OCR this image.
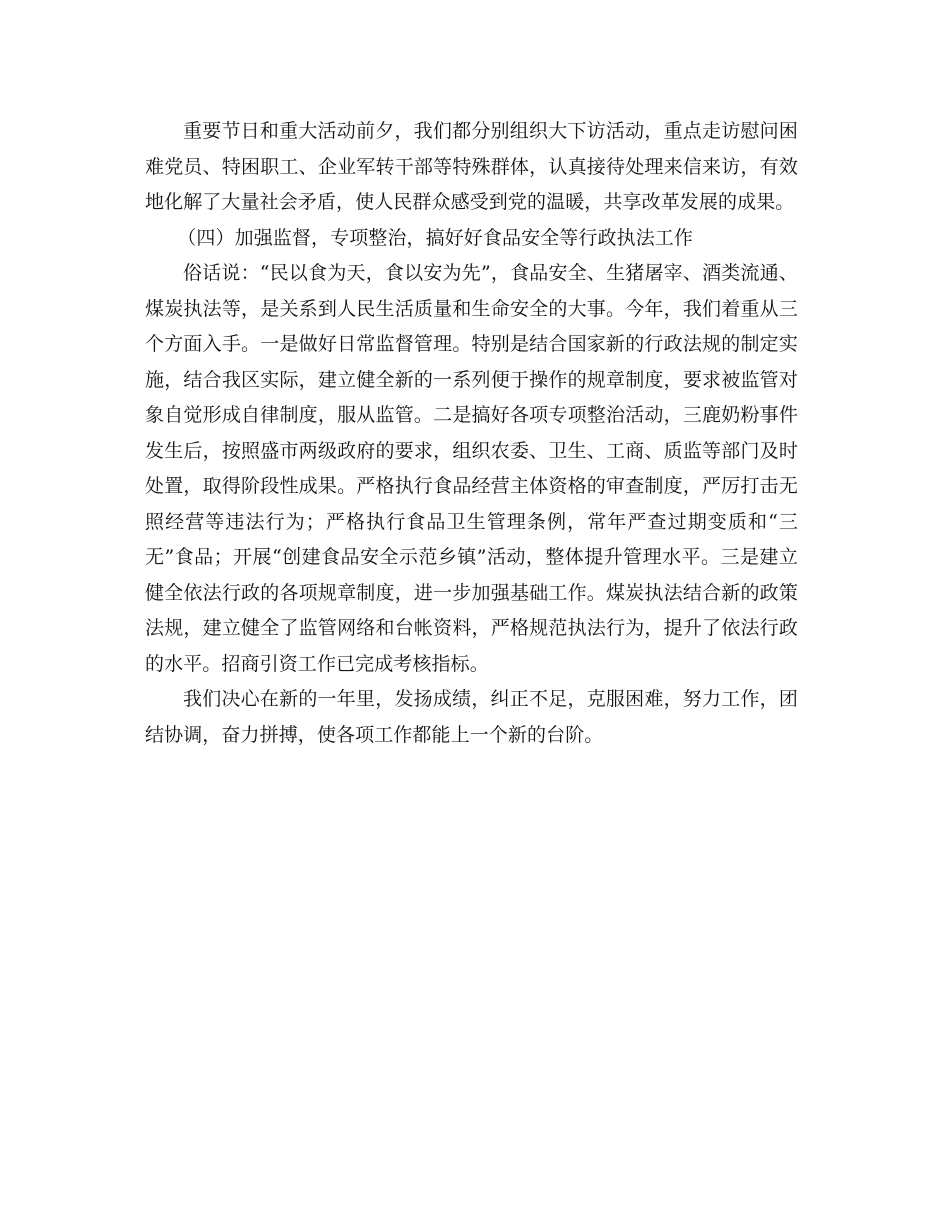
重要节日和重大活动前夕，我们都分别组织大下访活动，重点走访慰问困难党员、特困职工、企业军转干部等特殊群体，认真接待处理来信来访，有效地化解了大量社会矛盾，使人民群众感受到党的温暖，共享改革发展的成果。

（四）加强监督，专项整治，搞好好食品安全等行政执法工作

俗话说：“民以食为天，食以安为先”，食品安全、生猪屠宰、酒类流通、煤炭执法等，是关系到人民生活质量和生命安全的大事。今年，我们着重从三个方面入手。一是做好日常监督管理。特别是结合国家新的行政法规的制定实施，结合我区实际，建立健全新的一系列便于操作的规章制度，要求被监管对象自觉形成自律制度，服从监管。二是搞好各项专项整治活动，三鹿奶粉事件发生后，按照盛市两级政府的要求，组织农委、卫生、工商、质监等部门及时处置，取得阶段性成果。严格执行食品经营主体资格的审查制度，严厉打击无照经营等违法行为；严格执行食品卫生管理条例，常年严查过期变质和“三无”食品；开展“创建食品安全示范乡镇”活动，整体提升管理水平。三是建立健全依法行政的各项规章制度，进一步加强基础工作。煤炭执法结合新的政策法规，建立健全了监管网络和台帐资料，严格规范执法行为，提升了依法行政的水平。招商引资工作已完成考核指标。

我们决心在新的一年里，发扬成绩，纠正不足，克服困难，努力工作，团结协调，奋力拼搏，使各项工作都能上一个新的台阶。
